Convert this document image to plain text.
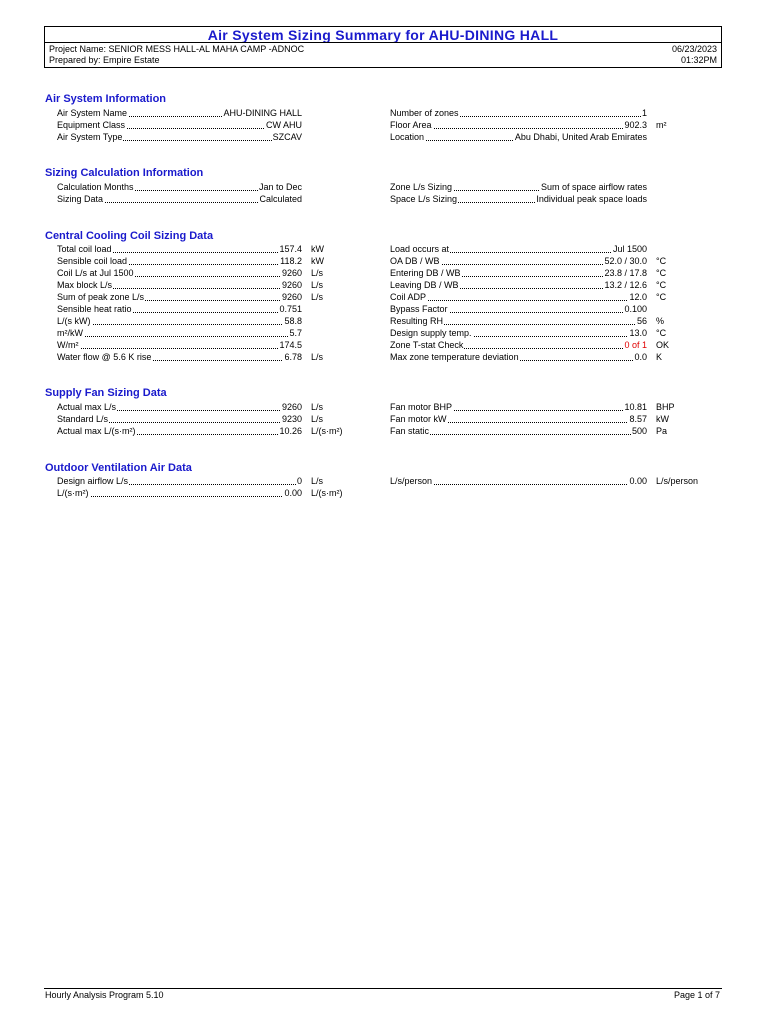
Air System Sizing Summary for AHU-DINING HALL
Project Name: SENIOR MESS HALL-AL MAHA CAMP -ADNOC	06/23/2023
Prepared by: Empire Estate	01:32PM
Air System Information
Air System Name	AHU-DINING HALL
Equipment Class	CW AHU
Air System Type	SZCAV
Number of zones	1
Floor Area	902.3 m²
Location	Abu Dhabi, United Arab Emirates
Sizing Calculation Information
Calculation Months	Jan to Dec
Sizing Data	Calculated
Zone L/s Sizing	Sum of space airflow rates
Space L/s Sizing	Individual peak space loads
Central Cooling Coil Sizing Data
Total coil load	157.4 kW
Sensible coil load	118.2 kW
Coil L/s at Jul 1500	9260 L/s
Max block L/s	9260 L/s
Sum of peak zone L/s	9260 L/s
Sensible heat ratio	0.751
L/(s kW)	58.8
m²/kW	5.7
W/m²	174.5
Water flow @ 5.6 K rise	6.78 L/s
Load occurs at	Jul 1500
OA DB / WB	52.0 / 30.0 °C
Entering DB / WB	23.8 / 17.8 °C
Leaving DB / WB	13.2 / 12.6 °C
Coil ADP	12.0 °C
Bypass Factor	0.100
Resulting RH	56 %
Design supply temp.	13.0 °C
Zone T-stat Check	0 of 1 OK
Max zone temperature deviation	0.0 K
Supply Fan Sizing Data
Actual max L/s	9260 L/s
Standard L/s	9230 L/s
Actual max L/(s·m²)	10.26 L/(s·m²)
Fan motor BHP	10.81 BHP
Fan motor kW	8.57 kW
Fan static	500 Pa
Outdoor Ventilation Air Data
Design airflow L/s	0 L/s
L/(s·m²)	0.00 L/(s·m²)
L/s/person	0.00 L/s/person
Hourly Analysis Program 5.10	Page 1 of 7
